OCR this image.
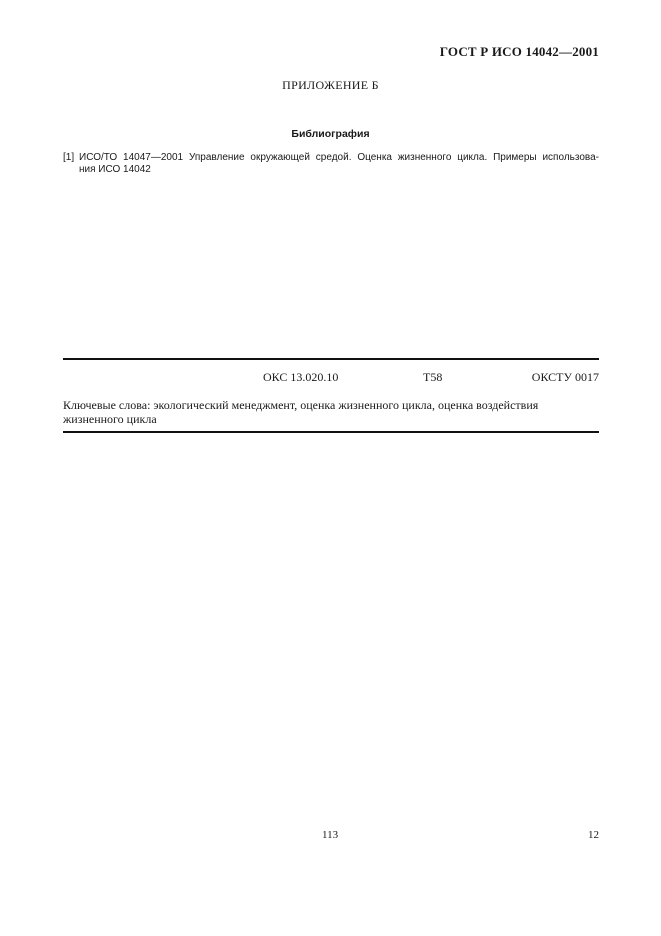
ГОСТ Р ИСО 14042—2001
ПРИЛОЖЕНИЕ Б
Библиография
[1] ИСО/ТО 14047—2001 Управление окружающей средой. Оценка жизненного цикла. Примеры использова-
ния ИСО 14042
ОКС 13.020.10	Т58	ОКСТУ 0017
Ключевые слова: экологический менеджмент, оценка жизненного цикла, оценка воздействия жизненного цикла
113	12
